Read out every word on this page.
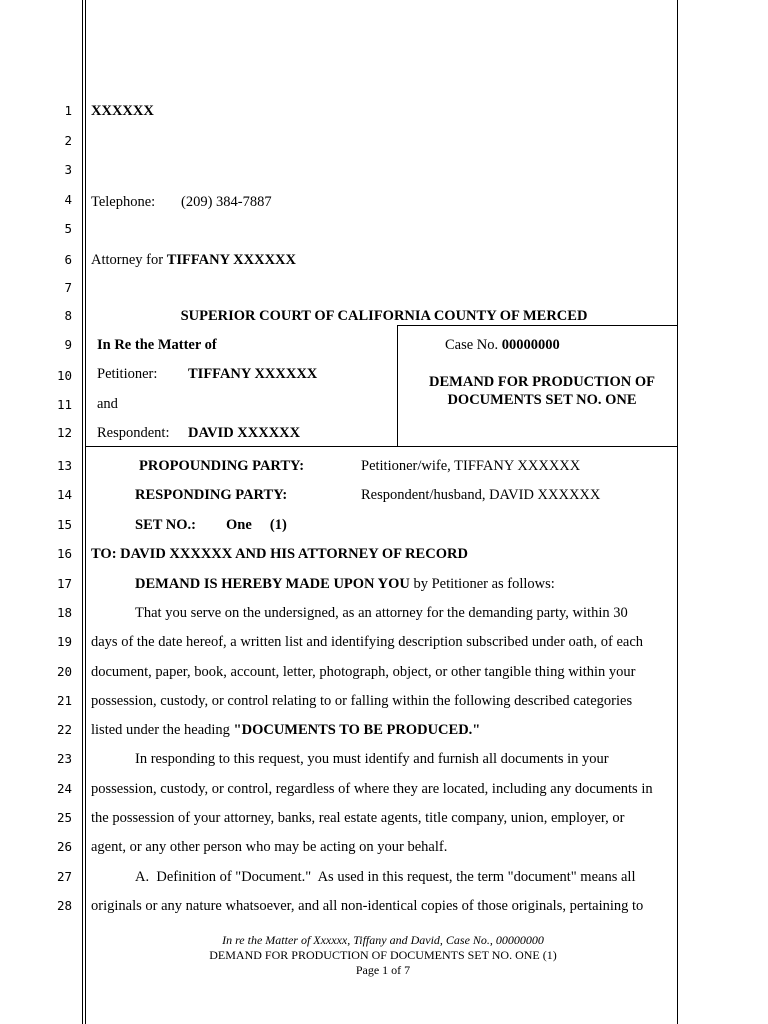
1
2
3
4
5
6
7
8
9
10
11
12
13
14
15
16
17
18
19
20
21
22
23
24
25
26
27
28
XXXXXX
Telephone: (209) 384-7887
Attorney for TIFFANY XXXXXX
SUPERIOR COURT OF CALIFORNIA COUNTY OF MERCED
In Re the Matter of
Petitioner: TIFFANY XXXXXX
and
Respondent: DAVID XXXXXX
Case No. 00000000
DEMAND FOR PRODUCTION OF
DOCUMENTS SET NO. ONE
PROPOUNDING PARTY:	Petitioner/wife, TIFFANY XXXXXX
RESPONDING PARTY:	Respondent/husband, DAVID XXXXXX
SET NO.: One     (1)
TO: DAVID XXXXXX AND HIS ATTORNEY OF RECORD
DEMAND IS HEREBY MADE UPON YOU by Petitioner as follows:
That you serve on the undersigned, as an attorney for the demanding party, within 30
days of the date hereof, a written list and identifying description subscribed under oath, of each
document, paper, book, account, letter, photograph, object, or other tangible thing within your
possession, custody, or control relating to or falling within the following described categories
listed under the heading "DOCUMENTS TO BE PRODUCED."
In responding to this request, you must identify and furnish all documents in your
possession, custody, or control, regardless of where they are located, including any documents in
the possession of your attorney, banks, real estate agents, title company, union, employer, or
agent, or any other person who may be acting on your behalf.
A.  Definition of "Document."  As used in this request, the term "document" means all
originals or any nature whatsoever, and all non-identical copies of those originals, pertaining to
In re the Matter of Xxxxxx, Tiffany and David, Case No., 00000000
DEMAND FOR PRODUCTION OF DOCUMENTS SET NO. ONE (1)
Page 1 of 7
